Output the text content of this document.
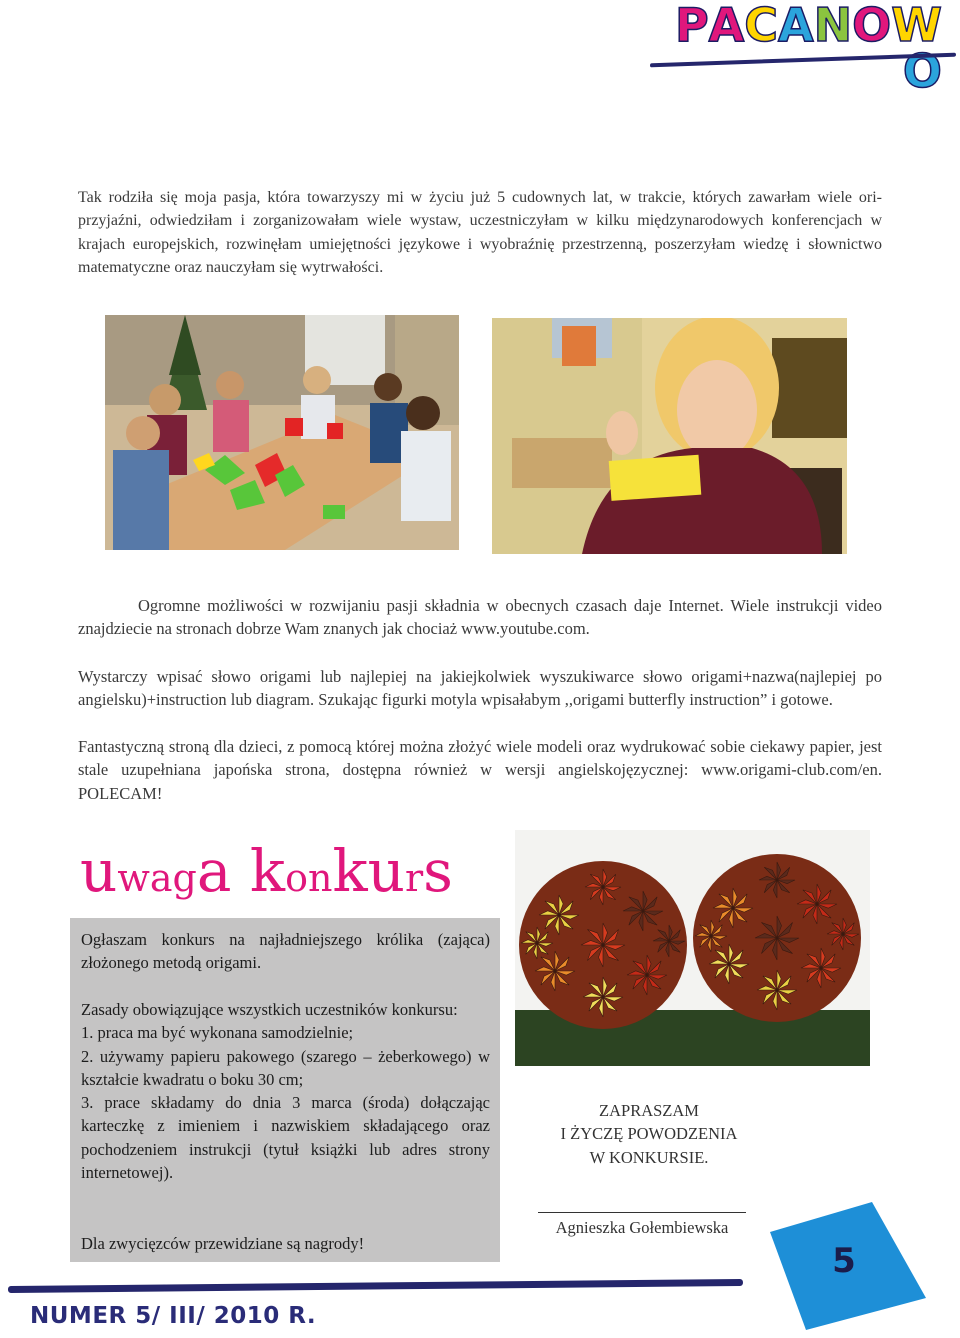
PACANOWO

Tak rodziła się moja pasja, która towarzyszy mi w życiu już 5 cudownych lat, w trakcie, których zawarłam wiele ori-przyjaźni, odwiedziłam i zorganizowałam wiele wystaw, uczestniczyłam w kilku międzynarodowych konferencjach w krajach europejskich, rozwinęłam umiejętności językowe i wyobraźnię przestrzenną, poszerzyłam wiedzę i słownictwo matematyczne oraz nauczyłam się wytrwałości.

Ogromne możliwości w rozwijaniu pasji składnia w obecnych czasach daje Internet. Wiele instrukcji video znajdziecie na stronach dobrze Wam znanych jak chociaż www.youtube.com.

Wystarczy wpisać słowo origami lub najlepiej na jakiejkolwiek wyszukiwarce słowo origami+nazwa(najlepiej po angielsku)+instruction lub diagram. Szukając figurki motyla wpisałabym ,,origami butterfly instruction” i gotowe.

Fantastyczną stroną dla dzieci, z pomocą której można złożyć wiele modeli oraz wydrukować sobie ciekawy papier, jest stale uzupełniana japońska strona, dostępna również w wersji angielskojęzycznej: www.origami-club.com/en. POLECAM!

uwaga konkurs

Ogłaszam konkurs na najładniejszego królika (zająca) złożonego metodą origami.

Zasady obowiązujące wszystkich uczestników konkursu:
1. praca ma być wykonana samodzielnie;
2. używamy papieru pakowego (szarego – żeberkowego) w kształcie kwadratu o boku 30 cm;
3. prace składamy do dnia 3 marca (środa) dołączając karteczkę z imieniem i nazwiskiem składającego oraz pochodzeniem instrukcji (tytuł książki lub adres strony internetowej).

Dla zwycięzców przewidziane są nagrody!

ZAPRASZAM
I ŻYCZĘ POWODZENIA
W KONKURSIE.
Agnieszka Gołembiewska
NUMER 5/ III/ 2010 R.
5
